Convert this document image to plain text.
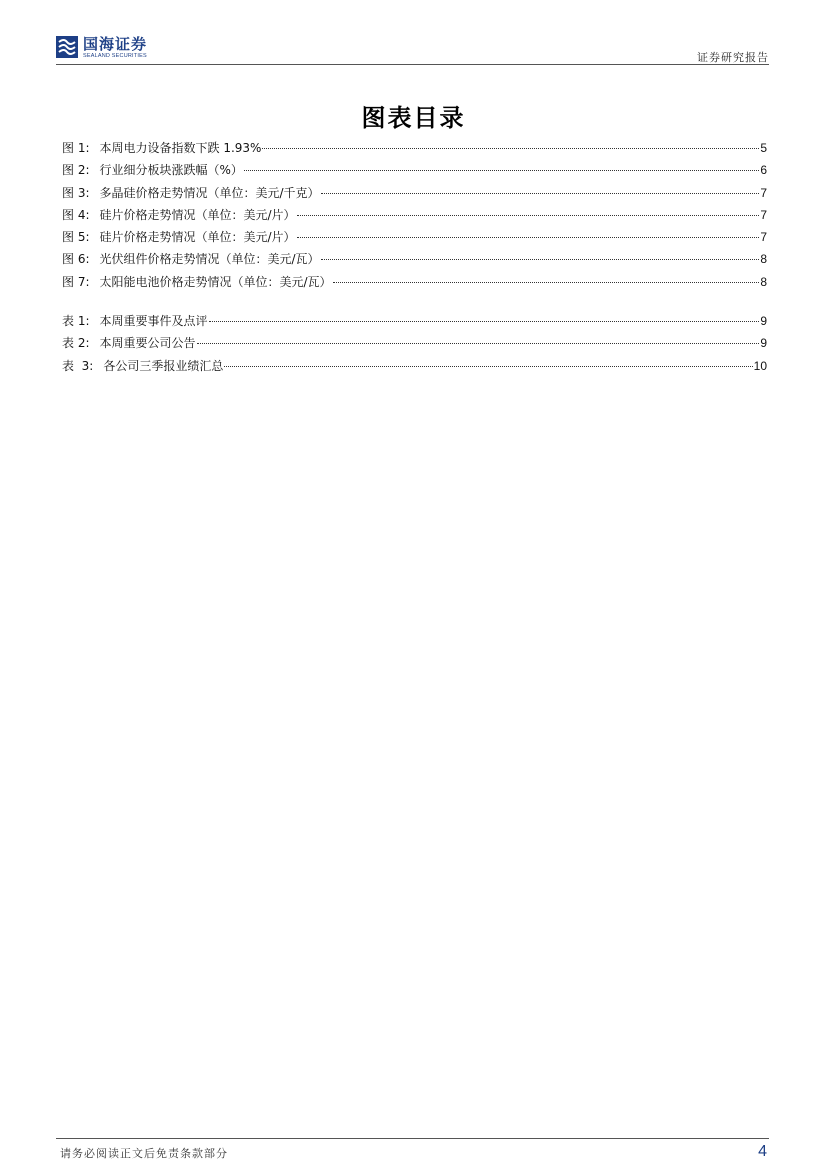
国海证券
SEALAND SECURITIES	证券研究报告
图表目录
图 1: 本周电力设备指数下跌 1.93%	5
图 2: 行业细分板块涨跌幅（%）	6
图 3: 多晶硅价格走势情况（单位：美元/千克）	7
图 4: 硅片价格走势情况（单位：美元/片）	7
图 5: 硅片价格走势情况（单位：美元/片）	7
图 6: 光伏组件价格走势情况（单位：美元/瓦）	8
图 7: 太阳能电池价格走势情况（单位：美元/瓦）	8
表 1: 本周重要事件及点评	9
表 2: 本周重要公司公告	9
表  3: 各公司三季报业绩汇总	10
请务必阅读正文后免责条款部分	4
